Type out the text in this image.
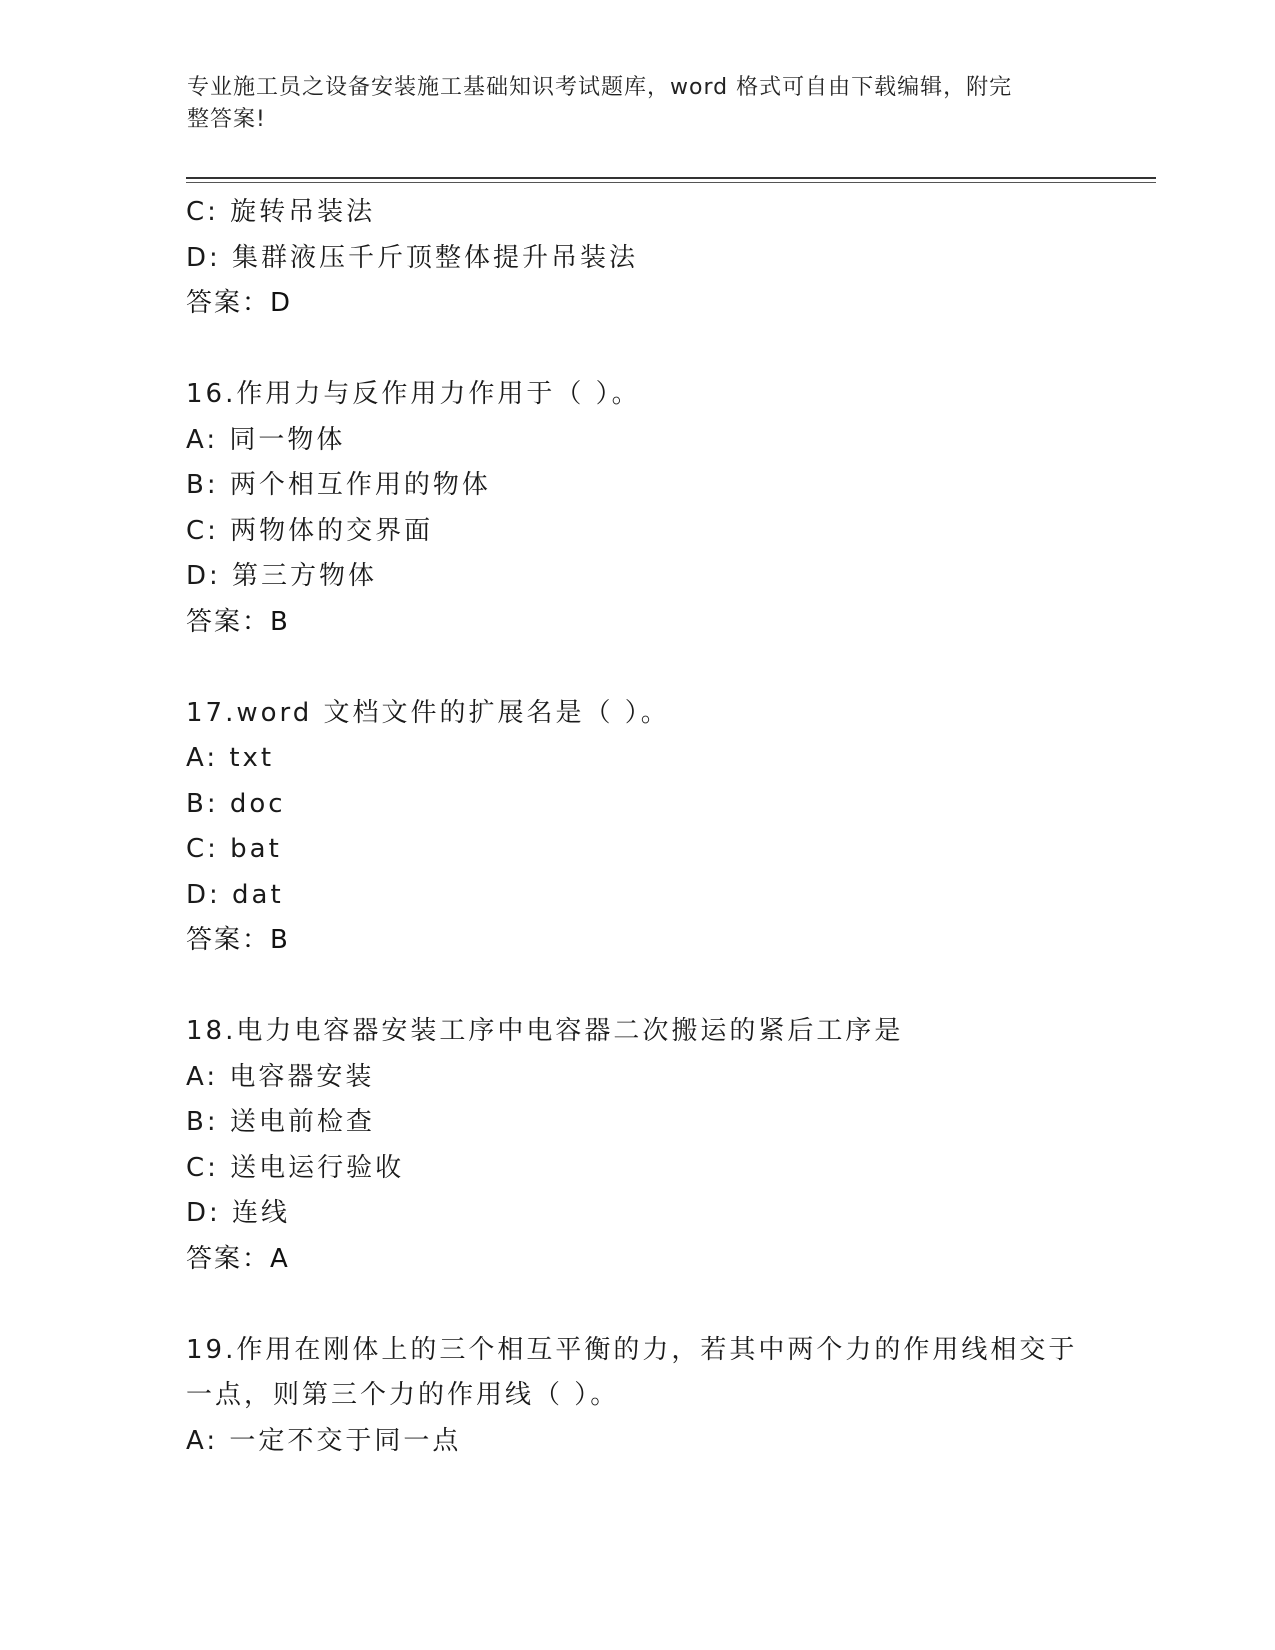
专业施工员之设备安装施工基础知识考试题库，word 格式可自由下载编辑，附完
整答案!
C: 旋转吊装法
D: 集群液压千斤顶整体提升吊装法
答案：D
16.作用力与反作用力作用于（ ）。
A: 同一物体
B: 两个相互作用的物体
C: 两物体的交界面
D: 第三方物体
答案：B
17.word 文档文件的扩展名是（ ）。
A: txt
B: doc
C: bat
D: dat
答案：B
18.电力电容器安装工序中电容器二次搬运的紧后工序是
A: 电容器安装
B: 送电前检查
C: 送电运行验收
D: 连线
答案：A
19.作用在刚体上的三个相互平衡的力，若其中两个力的作用线相交于
一点，则第三个力的作用线（ ）。
A: 一定不交于同一点
